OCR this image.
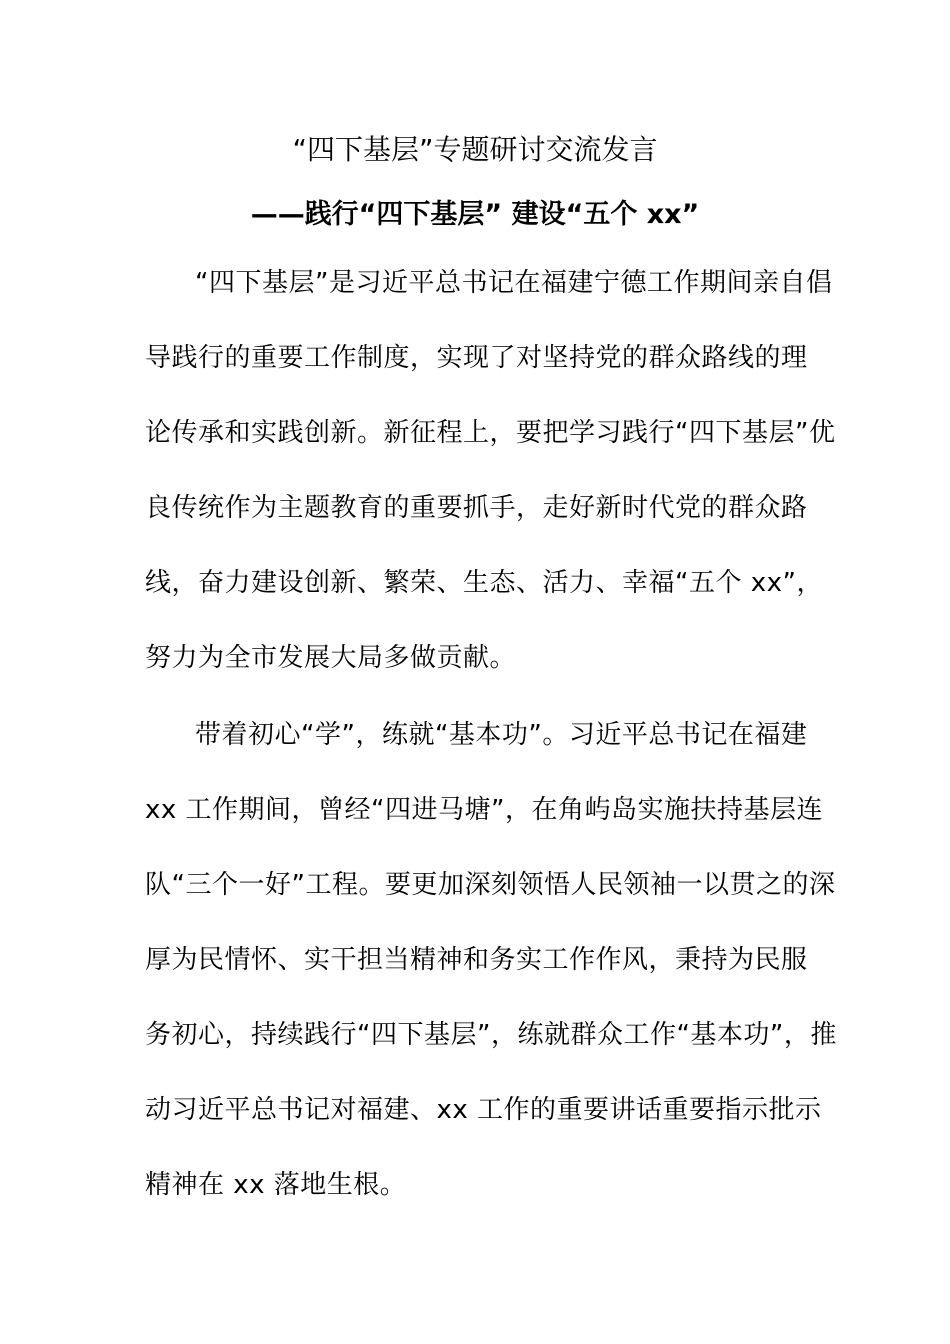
“四下基层”专题研讨交流发言
——践行“四下基层” 建设“五个 xx”
“四下基层”是习近平总书记在福建宁德工作期间亲自倡
导践行的重要工作制度，实现了对坚持党的群众路线的理
论传承和实践创新。新征程上，要把学习践行“四下基层”优
良传统作为主题教育的重要抓手，走好新时代党的群众路
线，奋力建设创新、繁荣、生态、活力、幸福“五个 xx”，
努力为全市发展大局多做贡献。
带着初心“学”，练就“基本功”。习近平总书记在福建
xx 工作期间，曾经“四进马塘”，在角屿岛实施扶持基层连
队“三个一好”工程。要更加深刻领悟人民领袖一以贯之的深
厚为民情怀、实干担当精神和务实工作作风，秉持为民服
务初心，持续践行“四下基层”，练就群众工作“基本功”，推
动习近平总书记对福建、xx 工作的重要讲话重要指示批示
精神在 xx 落地生根。
